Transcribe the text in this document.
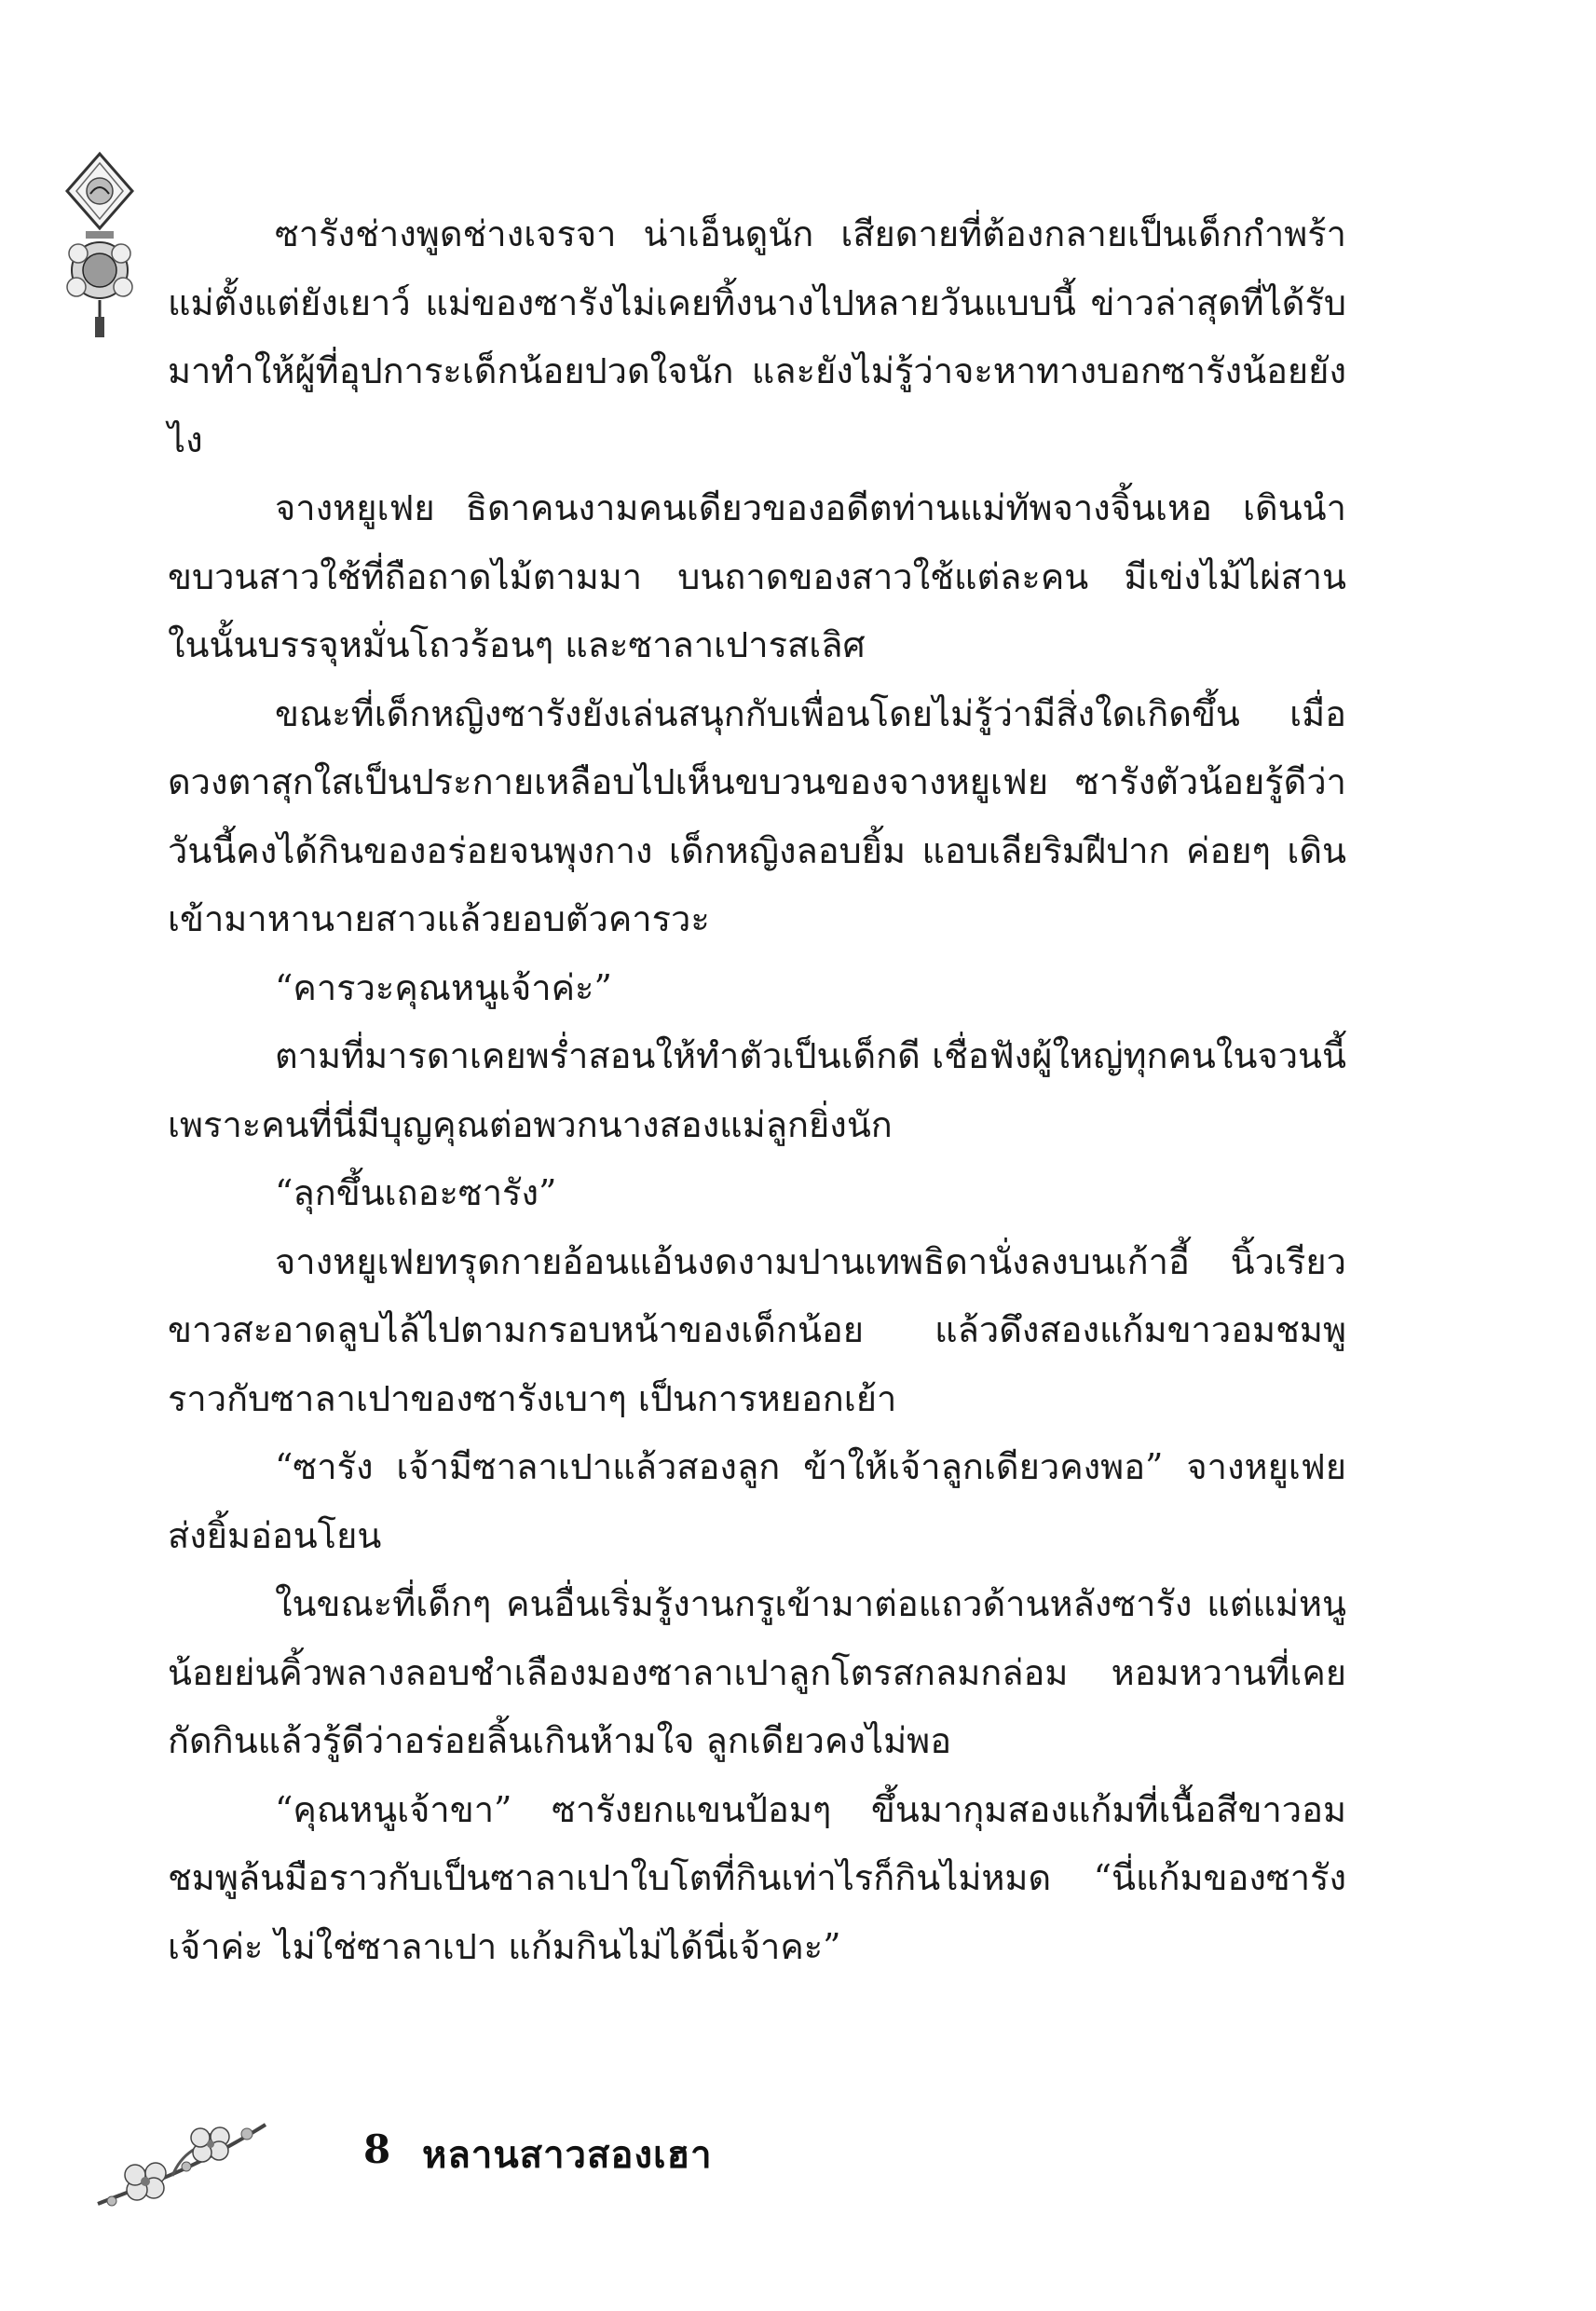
ซารังช่างพูดช่างเจรจา น่าเอ็นดูนัก เสียดายที่ต้องกลายเป็นเด็กกำพร้าแม่ตั้งแต่ยังเยาว์ แม่ของซารังไม่เคยทิ้งนางไปหลายวันแบบนี้ ข่าวล่าสุดที่ได้รับมาทำให้ผู้ที่อุปการะเด็กน้อยปวดใจนัก และยังไม่รู้ว่าจะหาทางบอกซารังน้อยยังไง

จางหยูเฟย ธิดาคนงามคนเดียวของอดีตท่านแม่ทัพจางจิ้นเหอ เดินนำขบวนสาวใช้ที่ถือถาดไม้ตามมา บนถาดของสาวใช้แต่ละคน มีเข่งไม้ไผ่สาน ในนั้นบรรจุหมั่นโถวร้อนๆ และซาลาเปารสเลิศ

ขณะที่เด็กหญิงซารังยังเล่นสนุกกับเพื่อนโดยไม่รู้ว่ามีสิ่งใดเกิดขึ้น เมื่อดวงตาสุกใสเป็นประกายเหลือบไปเห็นขบวนของจางหยูเฟย ซารังตัวน้อยรู้ดีว่าวันนี้คงได้กินของอร่อยจนพุงกาง เด็กหญิงลอบยิ้ม แอบเลียริมฝีปาก ค่อยๆ เดินเข้ามาหานายสาวแล้วยอบตัวคารวะ

“คารวะคุณหนูเจ้าค่ะ”

ตามที่มารดาเคยพร่ำสอนให้ทำตัวเป็นเด็กดี เชื่อฟังผู้ใหญ่ทุกคนในจวนนี้ เพราะคนที่นี่มีบุญคุณต่อพวกนางสองแม่ลูกยิ่งนัก

“ลุกขึ้นเถอะซารัง”

จางหยูเฟยทรุดกายอ้อนแอ้นงดงามปานเทพธิดานั่งลงบนเก้าอี้ นิ้วเรียวขาวสะอาดลูบไล้ไปตามกรอบหน้าของเด็กน้อย แล้วดึงสองแก้มขาวอมชมพูราวกับซาลาเปาของซารังเบาๆ เป็นการหยอกเย้า

“ซารัง เจ้ามีซาลาเปาแล้วสองลูก ข้าให้เจ้าลูกเดียวคงพอ” จางหยูเฟยส่งยิ้มอ่อนโยน

ในขณะที่เด็กๆ คนอื่นเริ่มรู้งานกรูเข้ามาต่อแถวด้านหลังซารัง แต่แม่หนูน้อยย่นคิ้วพลางลอบชำเลืองมองซาลาเปาลูกโตรสกลมกล่อม หอมหวานที่เคยกัดกินแล้วรู้ดีว่าอร่อยลิ้นเกินห้ามใจ ลูกเดียวคงไม่พอ

“คุณหนูเจ้าขา” ซารังยกแขนป้อมๆ ขึ้นมากุมสองแก้มที่เนื้อสีขาวอมชมพูล้นมือราวกับเป็นซาลาเปาใบโตที่กินเท่าไรก็กินไม่หมด “นี่แก้มของซารังเจ้าค่ะ ไม่ใช่ซาลาเปา แก้มกินไม่ได้นี่เจ้าคะ”

8 หลานสาวสองเฮา
